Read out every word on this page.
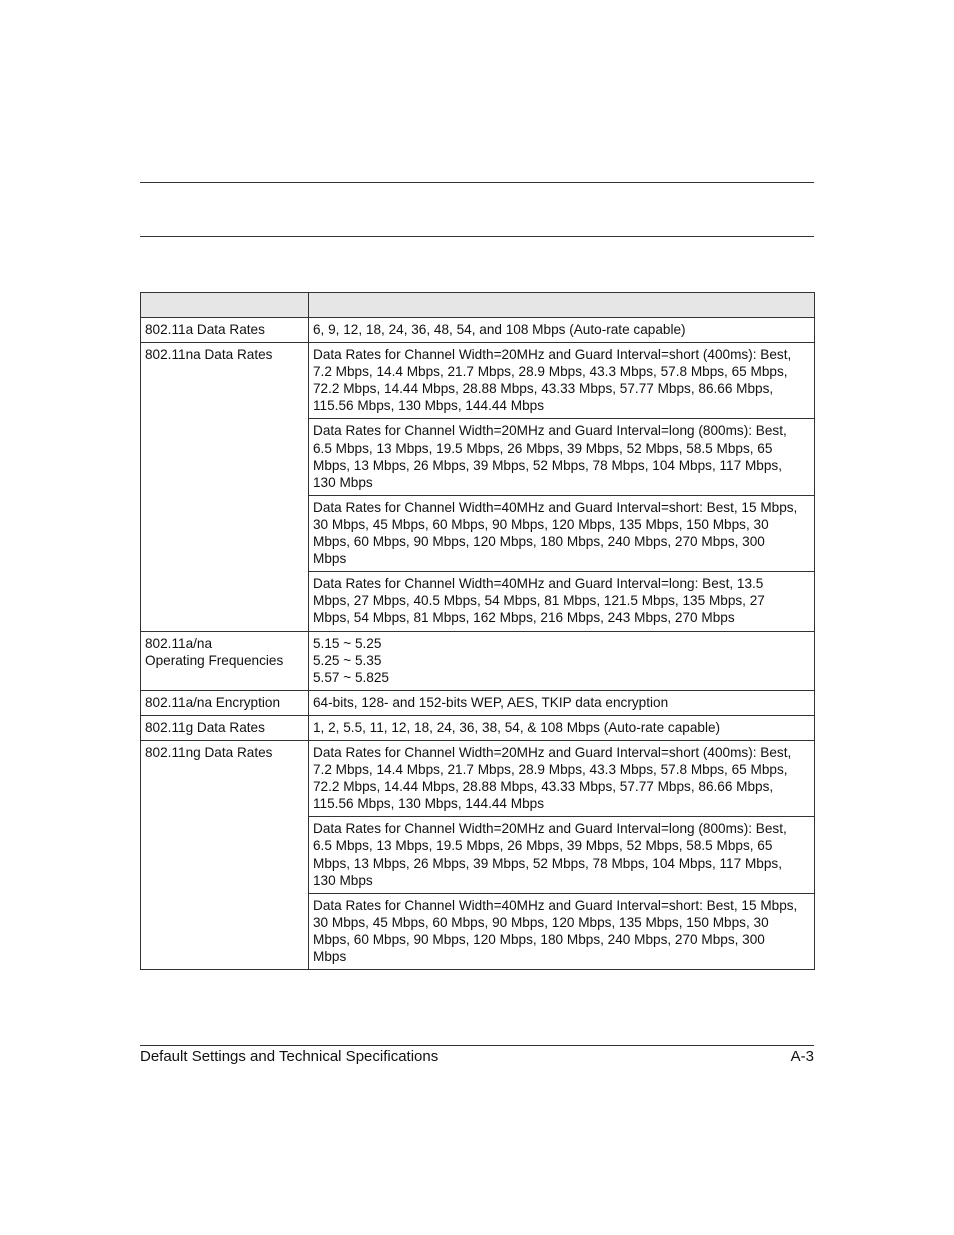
802.11a Data Rates	6, 9, 12, 18, 24, 36, 48, 54, and 108 Mbps (Auto-rate capable)

802.11na Data Rates	Data Rates for Channel Width=20MHz and Guard Interval=short (400ms): Best,
7.2 Mbps, 14.4 Mbps, 21.7 Mbps, 28.9 Mbps, 43.3 Mbps, 57.8 Mbps, 65 Mbps,
72.2 Mbps, 14.44 Mbps, 28.88 Mbps, 43.33 Mbps, 57.77 Mbps, 86.66 Mbps,
115.56 Mbps, 130 Mbps, 144.44 Mbps

	Data Rates for Channel Width=20MHz and Guard Interval=long (800ms): Best,
6.5 Mbps, 13 Mbps, 19.5 Mbps, 26 Mbps, 39 Mbps, 52 Mbps, 58.5 Mbps, 65
Mbps, 13 Mbps, 26 Mbps, 39 Mbps, 52 Mbps, 78 Mbps, 104 Mbps, 117 Mbps,
130 Mbps

	Data Rates for Channel Width=40MHz and Guard Interval=short: Best, 15 Mbps,
30 Mbps, 45 Mbps, 60 Mbps, 90 Mbps, 120 Mbps, 135 Mbps, 150 Mbps, 30
Mbps, 60 Mbps, 90 Mbps, 120 Mbps, 180 Mbps, 240 Mbps, 270 Mbps, 300
Mbps

	Data Rates for Channel Width=40MHz and Guard Interval=long: Best, 13.5
Mbps, 27 Mbps, 40.5 Mbps, 54 Mbps, 81 Mbps, 121.5 Mbps, 135 Mbps, 27
Mbps, 54 Mbps, 81 Mbps, 162 Mbps, 216 Mbps, 243 Mbps, 270 Mbps

802.11a/na
Operating Frequencies	5.15 ~ 5.25
5.25 ~ 5.35
5.57 ~ 5.825

802.11a/na Encryption	64-bits, 128- and 152-bits WEP, AES, TKIP data encryption

802.11g Data Rates	1, 2, 5.5, 11, 12, 18, 24, 36, 38, 54, & 108 Mbps (Auto-rate capable)

802.11ng Data Rates	Data Rates for Channel Width=20MHz and Guard Interval=short (400ms): Best,
7.2 Mbps, 14.4 Mbps, 21.7 Mbps, 28.9 Mbps, 43.3 Mbps, 57.8 Mbps, 65 Mbps,
72.2 Mbps, 14.44 Mbps, 28.88 Mbps, 43.33 Mbps, 57.77 Mbps, 86.66 Mbps,
115.56 Mbps, 130 Mbps, 144.44 Mbps

	Data Rates for Channel Width=20MHz and Guard Interval=long (800ms): Best,
6.5 Mbps, 13 Mbps, 19.5 Mbps, 26 Mbps, 39 Mbps, 52 Mbps, 58.5 Mbps, 65
Mbps, 13 Mbps, 26 Mbps, 39 Mbps, 52 Mbps, 78 Mbps, 104 Mbps, 117 Mbps,
130 Mbps

	Data Rates for Channel Width=40MHz and Guard Interval=short: Best, 15 Mbps,
30 Mbps, 45 Mbps, 60 Mbps, 90 Mbps, 120 Mbps, 135 Mbps, 150 Mbps, 30
Mbps, 60 Mbps, 90 Mbps, 120 Mbps, 180 Mbps, 240 Mbps, 270 Mbps, 300
Mbps
Default Settings and Technical Specifications	A-3
